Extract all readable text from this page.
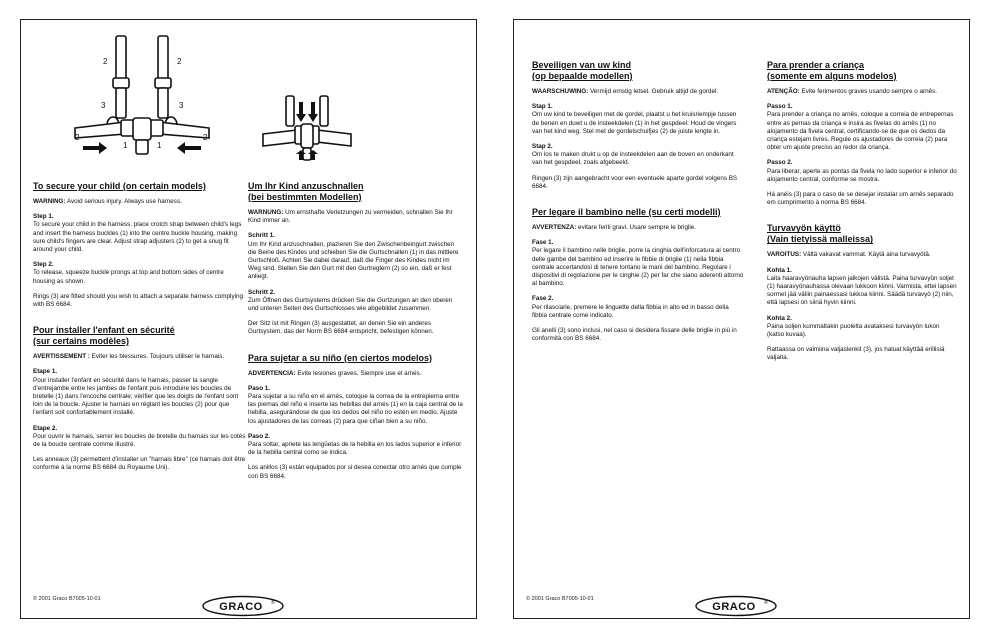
2	2
3	3
2
1	1
2
To secure your child (on certain models)
WARNING: Avoid serious injury. Always use harness.
Step 1.
To secure your child in the harness, place crotch strap between child's legs and insert the harness buckles (1) into the centre buckle housing, making sure child's fingers are clear. Adjust strap adjusters (2) to get a snug fit around your child.
Step 2.
To release, squeeze buckle prongs at top and bottom sides of centre housing as shown.
Rings (3) are fitted should you wish to attach a separate harness complying with BS 6684.
Pour installer l'enfant en sécurité
(sur certains modèles)
AVERTISSEMENT : Eviter les blessures. Toujours utiliser le harnais.
Etape 1.
Pour installer l'enfant en sécurité dans le harnais, passer la sangle d'entrejambe entre les jambes de l'enfant puis introduire les boucles de bretelle (1) dans l'encoche centrale; vérifier que les doigts de l'enfant sont loin de la boucle. Ajuster le harnais en réglant les boucles (2) pour que l'enfant soit confortablement installé.
Etape 2.
Pour ouvrir le harnais, serrer les boucles de bretelle du harnais sur les cotés de la boucle centrale comme illustré.
Les anneaux (3) permettent d'installer un "harnais libre" (ce harnais doit être conforme à la norme BS 6684 du Royaume Uni).
Um Ihr Kind anzuschnallen
(bei bestimmten Modellen)
WARNUNG: Um ernsthafte Verletzungen zu vermeiden, schnallen Sie Ihr Kind immer an.
Schritt 1.
Um Ihr Kind anzuschnallen, plazieren Sie den Zwischenbeingurt zwischen die Beine des Kindes und schieben Sie die Gurtschnallen (1) in das mittlere Gurtschloß. Achten Sie dabei darauf, daß die Finger des Kindes nicht im Weg sind. Stellen Sie den Gurt mit den Gurtreglern (2) so ein, daß er fest anliegt.
Schritt 2.
Zum Öffnen des Gurtsystems drücken Sie die Gurtzungen an den oberen und unteren Seiten des Gurtschlosses wie abgebildet zusammen.
Der Sitz ist mit Ringen (3) ausgestattet, an denen Sie ein anderes Gurtsystem, das der Norm BS 6684 entspricht, befestigen können.
Para sujetar a su niño (en ciertos modelos)
ADVERTENCIA: Evite lesiones graves. Siempre use el arnés.
Paso 1.
Para sujetar a su niño en el arnés, coloque la correa de la entrepierna entre las piernas del niño e inserte las hebillas del arnés (1) en la caja central de la hebilla, asegurándose de que los dedos del niño no estén en medio. Ajuste los ajustadores de las correas (2) para que ciñan bien a su niño.
Paso 2.
Para soltar, apriete las lengüetas de la hebilla en los lados superior e inferior de la hebilla central como se indica.
Los anillos (3) están equipados por si desea conectar otro arnés que cumple con BS 6684.
© 2001 Graco B7005-10-01
GRACO ®
Beveiligen van uw kind
(op bepaalde modellen)
WAARSCHUWING: Vermijd ernstig letsel. Gebruik altijd de gordel.
Stap 1.
Om uw kind te beveiligen met de gordel, plaatst u het kruisriempje tussen de benen en duwt u de insteekdelen (1) in het gespdeel. Houd de vingers van het kind weg. Stel met de gordelschuifjes (2) de juiste lengte in.
Stap 2.
Om los te maken drukt u op de insteekdelen aan de boven en onderkant van het gespdeel, zoals afgebeeld.
Ringen (3) zijn aangebracht voor een eventuele aparte gordel volgens BS 6684.
Per legare il bambino nelle (su certi modelli)
AVVERTENZA: evitare feriti gravi. Usare sempre le briglie.
Fase 1.
Per legare il bambino nelle briglie, porre la cinghia dell'inforcatura al centro delle gambe del bambino ed inserire le fibbie di briglie (1) nella fibbia centrale accertandosi di tenere lontano le mani del bambino. Regolare i dispositivi di regolazione per le cinghie (2) per far che siano aderenti attorno al bambino.
Fase 2.
Per rilasciarle, premere le linguette della fibbia in alto ed in basso della fibbia centrale come indicato.
Gli anelli (3) sono inclusi, nel caso si desidera fissare delle briglie in più in conformità con BS 6684.
Para prender a criança
(somente em alguns modelos)
ATENÇÃO: Evite ferimentos graves usando sempre o arnês.
Passo 1.
Para prender a criança no arnês, coloque a correia de entrepernas entre as pernas da criança e insira as fivelas do arnês (1) no alojamento da fivela central, certificando-se de que os dedos da criança estejam livres. Regule os ajustadores de correia (2) para obter um ajuste preciso ao redor da criança.
Passo 2.
Para liberar, aperte as pontas da fivela no lado superior e inferior do alojamento central, conforme se mostra.
Há anéis (3) para o caso de se desejar instalar um arnês separado em cumprimento à norma BS 6684.
Turvavyön käyttö
(Vain tietyissä malleissa)
VAROITUS: Vältä vakavat vammat. Käytä aina turvavyötä.
Kohta 1.
Laita haaravyönauha lapsen jalkojen välistä. Paina turvavyön soljet (1) haaravyönauhassa olevaan lukkoon kiinni. Varmista, ettei lapsen sormet jää väliin painaessasi lukkoa kiinni. Säädä turvavyö (2) niin, että lapsesi on siinä hyvin kiinni.
Kohta 2.
Paina soljen kummaltakin puolelta avataksesi turvavyön lukon (katso kuvaa).
Rattaassa on valmiina valjaslenkit (3), jos haluat käyttää erillisiä valjaita.
© 2001 Graco B7005-10-01
GRACO ®
